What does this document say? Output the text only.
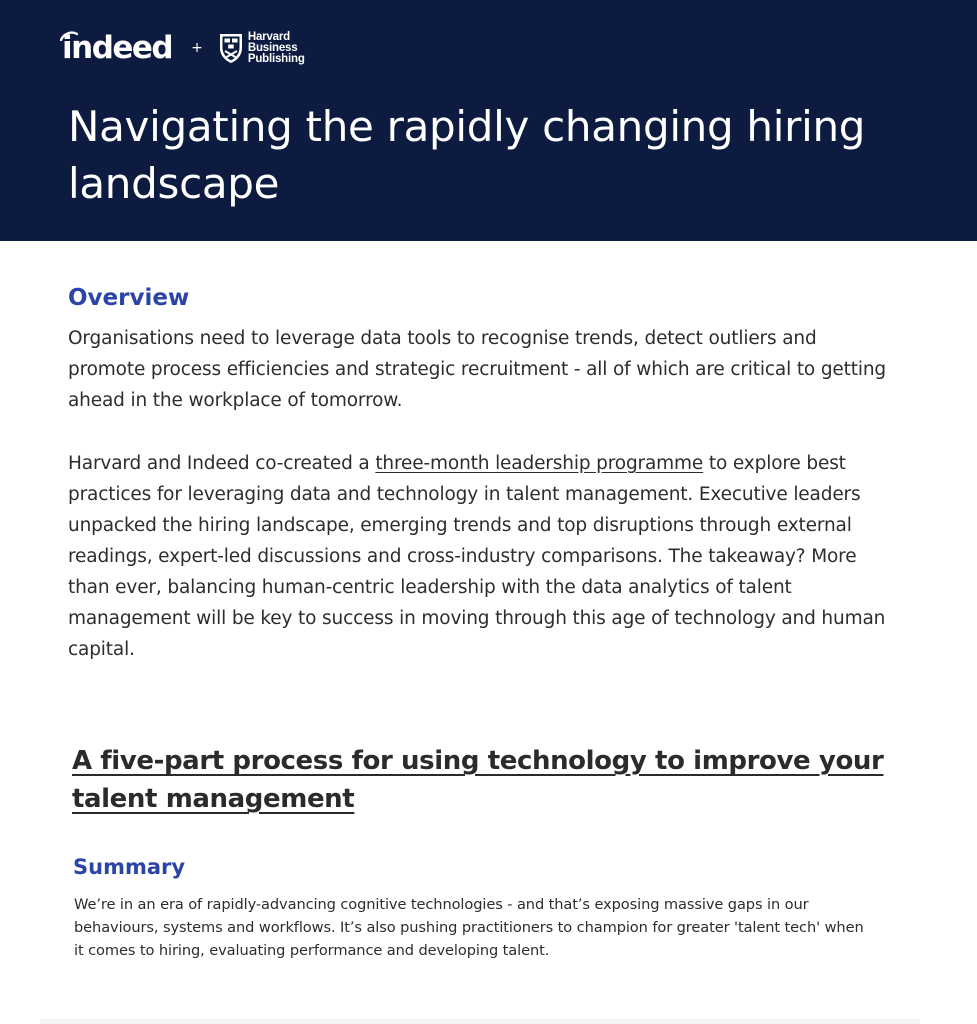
indeed +
Harvard
Business
Publishing
Navigating the rapidly changing hiring landscape
Overview

Organisations need to leverage data tools to recognise trends, detect outliers and promote process efficiencies and strategic recruitment - all of which are critical to getting ahead in the workplace of tomorrow.

Harvard and Indeed co-created a three-month leadership programme to explore best practices for leveraging data and technology in talent management. Executive leaders unpacked the hiring landscape, emerging trends and top disruptions through external readings, expert-led discussions and cross-industry comparisons. The takeaway? More than ever, balancing human-centric leadership with the data analytics of talent management will be key to success in moving through this age of technology and human capital.

A five-part process for using technology to improve your talent management
Summary

We’re in an era of rapidly-advancing cognitive technologies - and that’s exposing massive gaps in our behaviours, systems and workflows. It’s also pushing practitioners to champion for greater 'talent tech' when it comes to hiring, evaluating performance and developing talent.
